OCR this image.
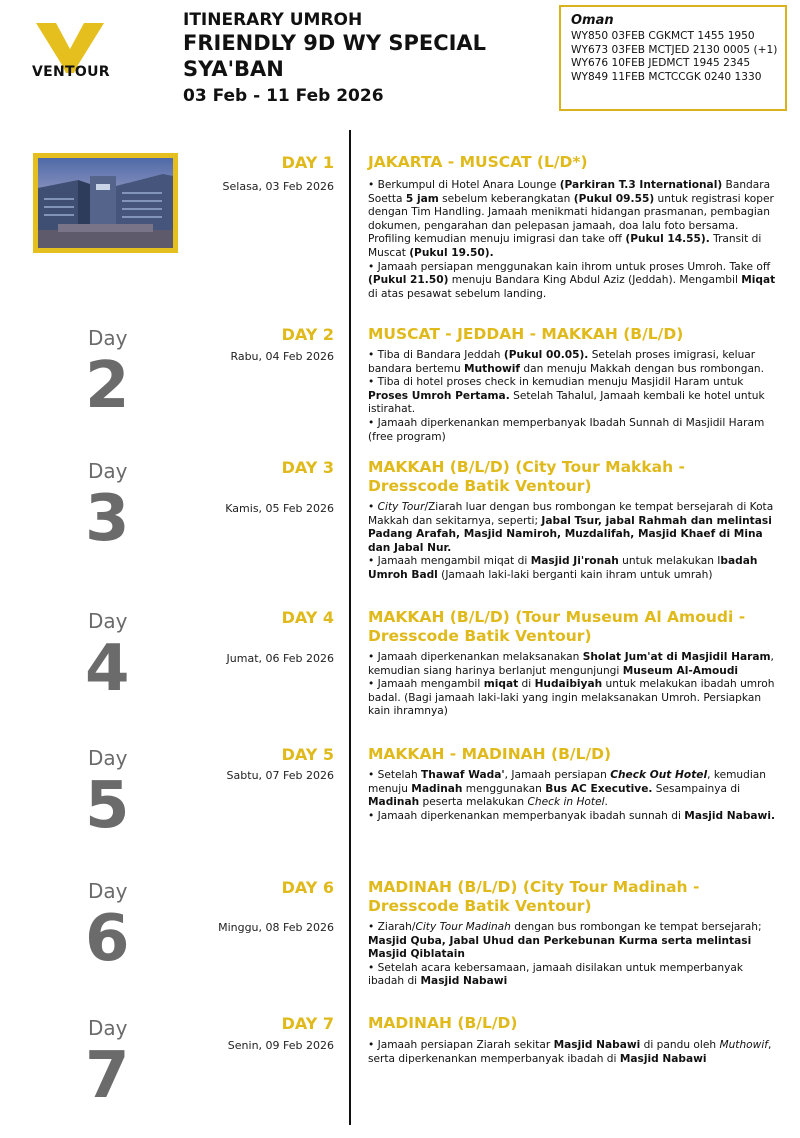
VENTOUR
ITINERARY UMROH
FRIENDLY 9D WY SPECIAL
SYA'BAN
03 Feb - 11 Feb 2026
Oman
WY850 03FEB CGKMCT 1455 1950
WY673 03FEB MCTJED 2130 0005 (+1)
WY676 10FEB JEDMCT 1945 2345
WY849 11FEB MCTCCGK 0240 1330
DAY 1
Selasa, 03 Feb 2026
JAKARTA - MUSCAT (L/D*)

• Berkumpul di Hotel Anara Lounge (Parkiran T.3 International) Bandara Soetta 5 jam sebelum keberangkatan (Pukul 09.55) untuk registrasi koper dengan Tim Handling. Jamaah menikmati hidangan prasmanan, pembagian dokumen, pengarahan dan pelepasan jamaah, doa lalu foto bersama. Profiling kemudian menuju imigrasi dan take off (Pukul 14.55). Transit di Muscat (Pukul 19.50).

• Jamaah persiapan menggunakan kain ihrom untuk proses Umroh. Take off (Pukul 21.50) menuju Bandara King Abdul Aziz (Jeddah). Mengambil Miqat di atas pesawat sebelum landing.

Day
2
DAY 2
Rabu, 04 Feb 2026
MUSCAT - JEDDAH - MAKKAH (B/L/D)

• Tiba di Bandara Jeddah (Pukul 00.05). Setelah proses imigrasi, keluar bandara bertemu Muthowif dan menuju Makkah dengan bus rombongan.

• Tiba di hotel proses check in kemudian menuju Masjidil Haram untuk Proses Umroh Pertama. Setelah Tahalul, Jamaah kembali ke hotel untuk istirahat.

• Jamaah diperkenankan memperbanyak Ibadah Sunnah di Masjidil Haram (free program)

Day
3
DAY 3
Kamis, 05 Feb 2026
MAKKAH (B/L/D) (City Tour Makkah - Dresscode Batik Ventour)

• City Tour/Ziarah luar dengan bus rombongan ke tempat bersejarah di Kota Makkah dan sekitarnya, seperti; Jabal Tsur, jabal Rahmah dan melintasi Padang Arafah, Masjid Namiroh, Muzdalifah, Masjid Khaef di Mina dan Jabal Nur.

• Jamaah mengambil miqat di Masjid Ji'ronah untuk melakukan Ibadah Umroh Badl (Jamaah laki-laki berganti kain ihram untuk umrah)

Day
4
DAY 4
Jumat, 06 Feb 2026
MAKKAH (B/L/D) (Tour Museum Al Amoudi - Dresscode Batik Ventour)

• Jamaah diperkenankan melaksanakan Sholat Jum'at di Masjidil Haram, kemudian siang harinya berlanjut mengunjungi Museum Al-Amoudi

• Jamaah mengambil miqat di Hudaibiyah untuk melakukan ibadah umroh badal. (Bagi jamaah laki-laki yang ingin melaksanakan Umroh. Persiapkan kain ihramnya)

Day
5
DAY 5
Sabtu, 07 Feb 2026
MAKKAH - MADINAH (B/L/D)

• Setelah Thawaf Wada', Jamaah persiapan Check Out Hotel, kemudian menuju Madinah menggunakan Bus AC Executive. Sesampainya di Madinah peserta melakukan Check in Hotel.

• Jamaah diperkenankan memperbanyak ibadah sunnah di Masjid Nabawi.

Day
6
DAY 6
Minggu, 08 Feb 2026
MADINAH (B/L/D) (City Tour Madinah - Dresscode Batik Ventour)

• Ziarah/City Tour Madinah dengan bus rombongan ke tempat bersejarah; Masjid Quba, Jabal Uhud dan Perkebunan Kurma serta melintasi Masjid Qiblatain

• Setelah acara kebersamaan, jamaah disilakan untuk memperbanyak ibadah di Masjid Nabawi

Day
7
DAY 7
Senin, 09 Feb 2026
MADINAH (B/L/D)

• Jamaah persiapan Ziarah sekitar Masjid Nabawi di pandu oleh Muthowif, serta diperkenankan memperbanyak ibadah di Masjid Nabawi
